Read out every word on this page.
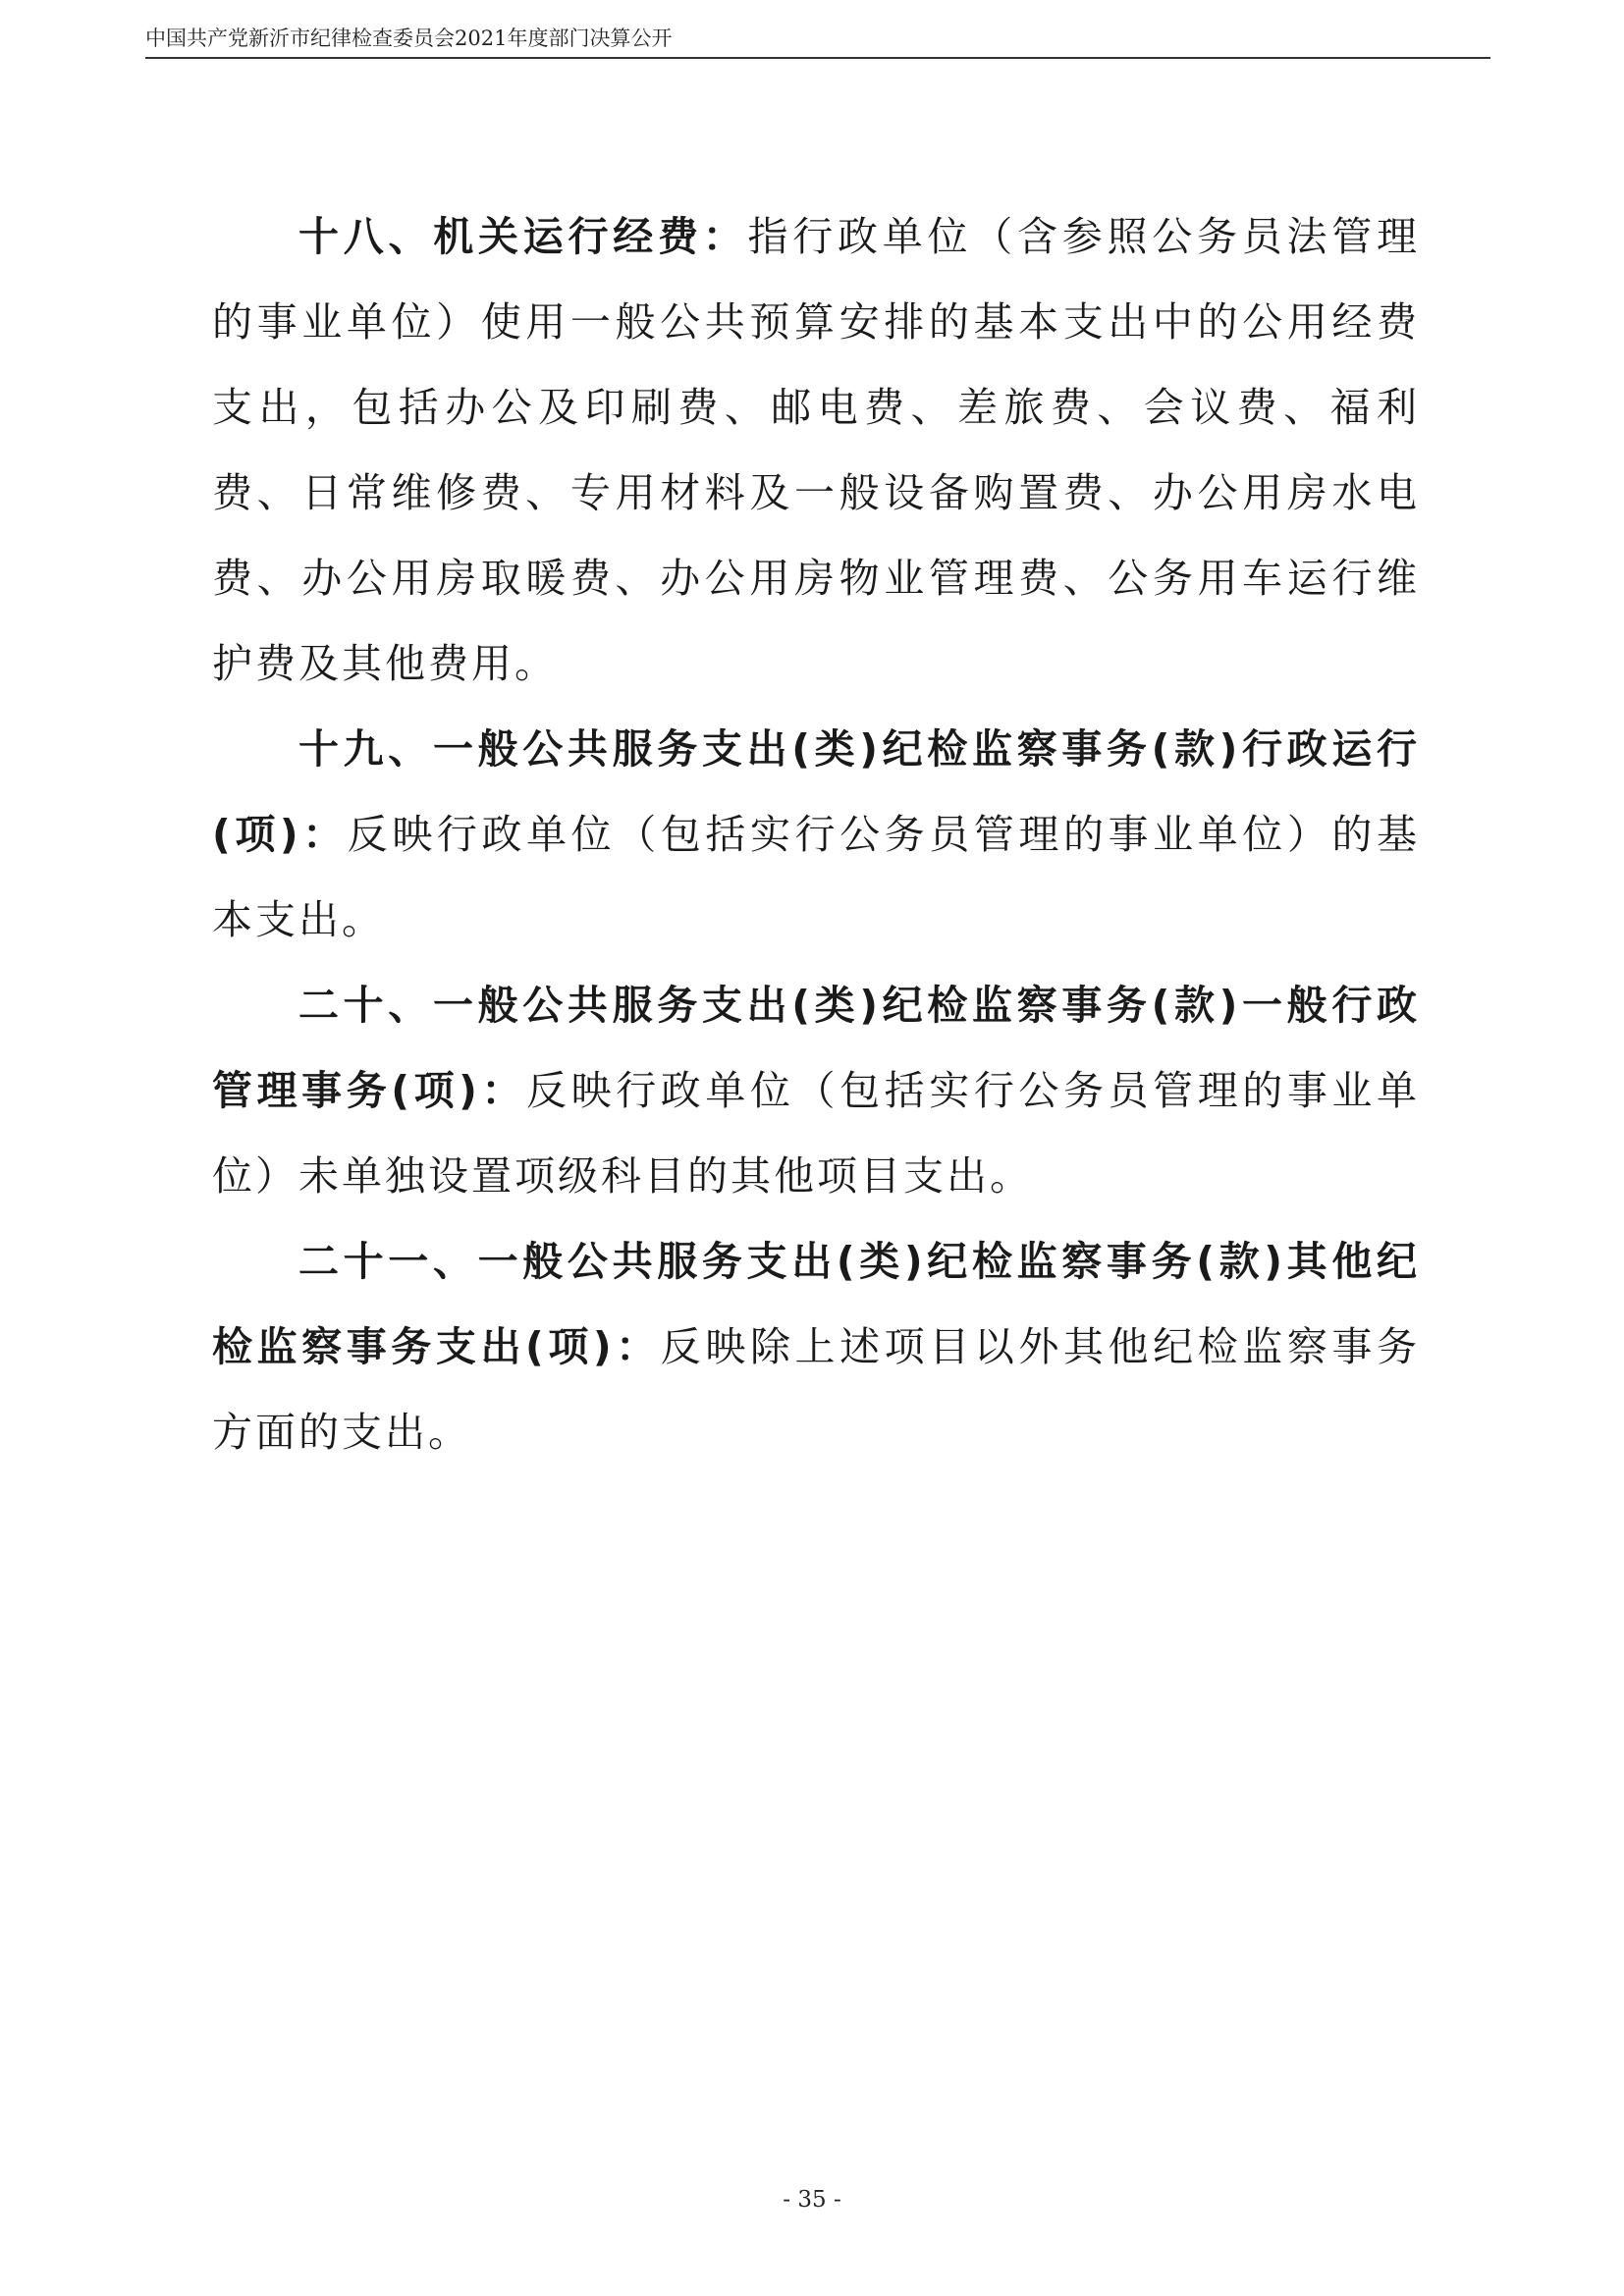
中国共产党新沂市纪律检查委员会2021年度部门决算公开

十八、机关运行经费：指行政单位（含参照公务员法管理的事业单位）使用一般公共预算安排的基本支出中的公用经费支出，包括办公及印刷费、邮电费、差旅费、会议费、福利费、日常维修费、专用材料及一般设备购置费、办公用房水电费、办公用房取暖费、办公用房物业管理费、公务用车运行维护费及其他费用。

十九、一般公共服务支出(类)纪检监察事务(款)行政运行(项)：反映行政单位（包括实行公务员管理的事业单位）的基本支出。

二十、一般公共服务支出(类)纪检监察事务(款)一般行政管理事务(项)：反映行政单位（包括实行公务员管理的事业单位）未单独设置项级科目的其他项目支出。

二十一、一般公共服务支出(类)纪检监察事务(款)其他纪检监察事务支出(项)：反映除上述项目以外其他纪检监察事务方面的支出。

- 35 -
